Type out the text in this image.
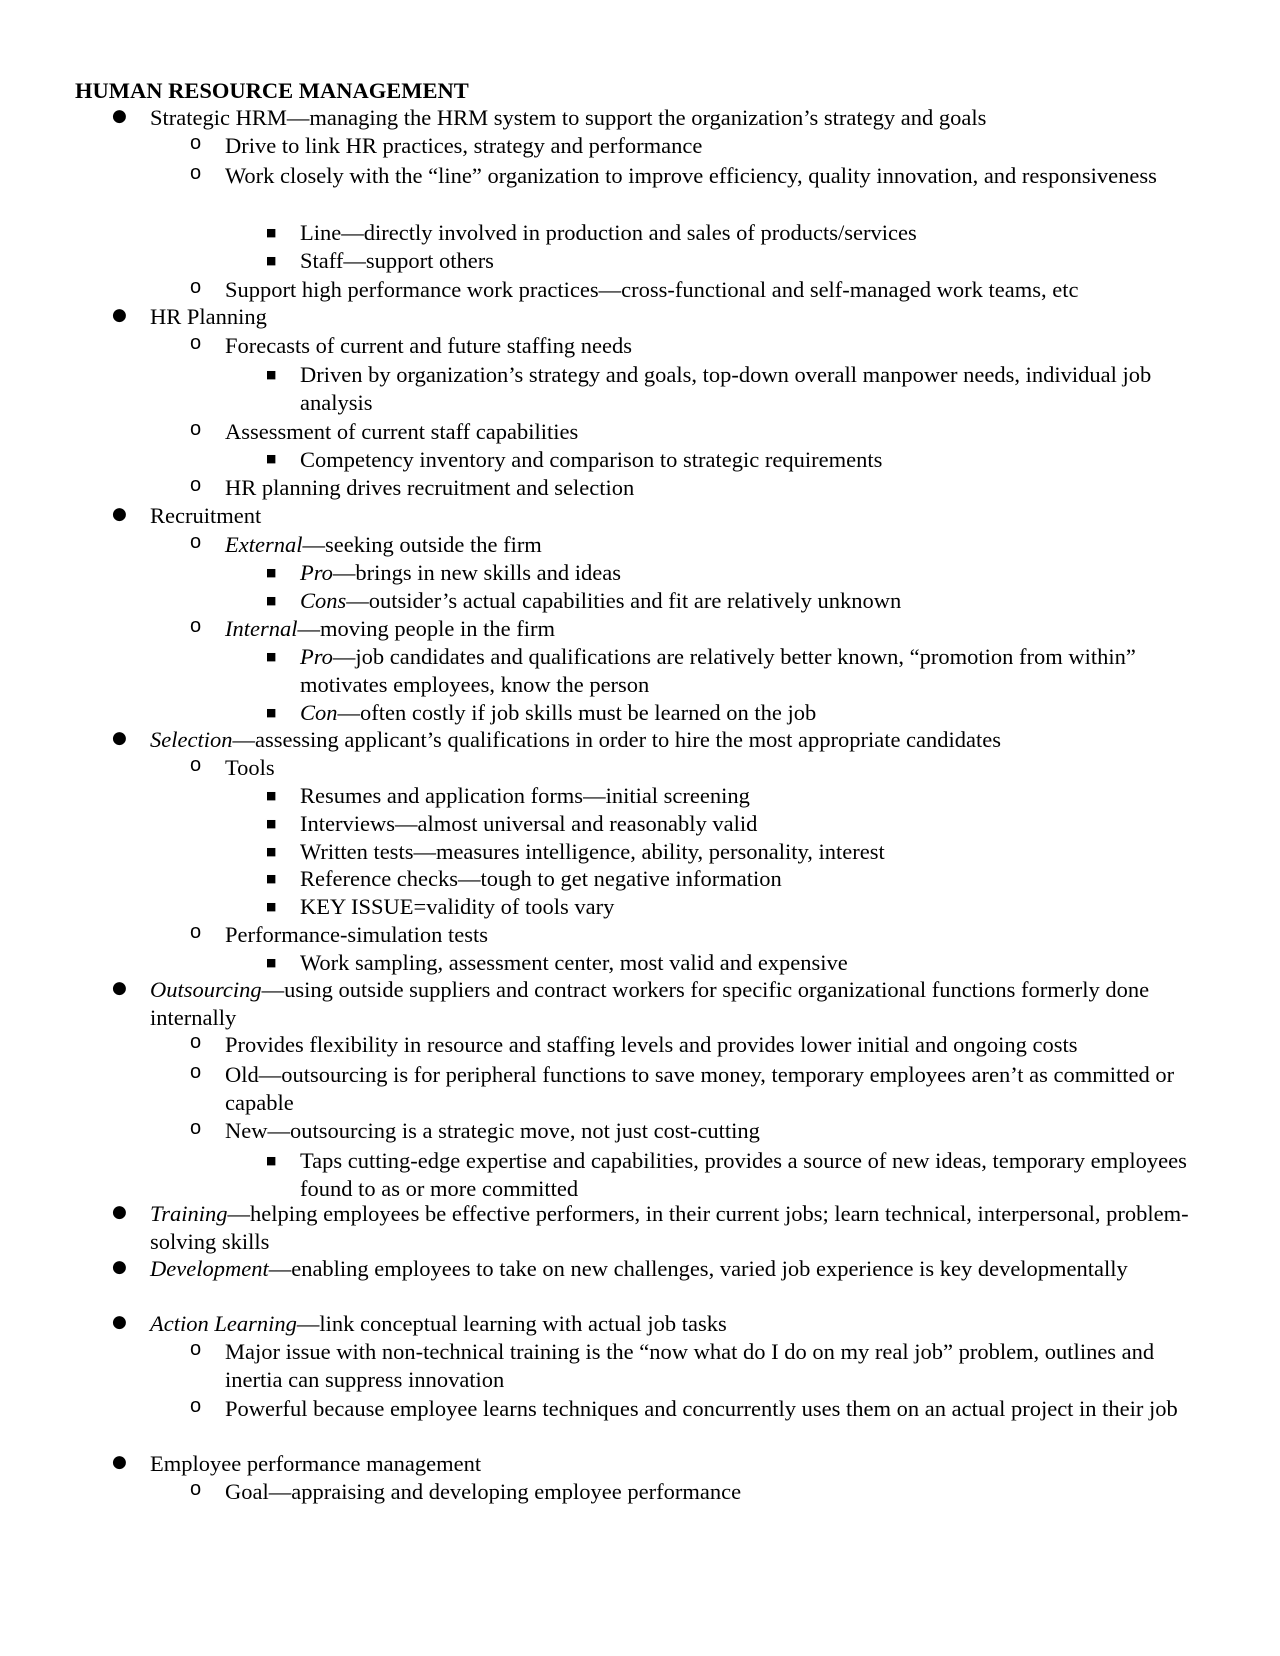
HUMAN RESOURCE MANAGEMENT
● Strategic HRM—managing the HRM system to support the organization’s strategy and goals
o Drive to link HR practices, strategy and performance
o Work closely with the “line” organization to improve efficiency, quality innovation, and responsiveness
■ Line—directly involved in production and sales of products/services
■ Staff—support others
o Support high performance work practices—cross-functional and self-managed work teams, etc
● HR Planning
o Forecasts of current and future staffing needs
■ Driven by organization’s strategy and goals, top-down overall manpower needs, individual job analysis
o Assessment of current staff capabilities
■ Competency inventory and comparison to strategic requirements
o HR planning drives recruitment and selection
● Recruitment
o External—seeking outside the firm
■ Pro—brings in new skills and ideas
■ Cons—outsider’s actual capabilities and fit are relatively unknown
o Internal—moving people in the firm
■ Pro—job candidates and qualifications are relatively better known, “promotion from within” motivates employees, know the person
■ Con—often costly if job skills must be learned on the job
● Selection—assessing applicant’s qualifications in order to hire the most appropriate candidates
o Tools
■ Resumes and application forms—initial screening
■ Interviews—almost universal and reasonably valid
■ Written tests—measures intelligence, ability, personality, interest
■ Reference checks—tough to get negative information
■ KEY ISSUE=validity of tools vary
o Performance-simulation tests
■ Work sampling, assessment center, most valid and expensive
● Outsourcing—using outside suppliers and contract workers for specific organizational functions formerly done internally
o Provides flexibility in resource and staffing levels and provides lower initial and ongoing costs
o Old—outsourcing is for peripheral functions to save money, temporary employees aren’t as committed or capable
o New—outsourcing is a strategic move, not just cost-cutting
■ Taps cutting-edge expertise and capabilities, provides a source of new ideas, temporary employees found to as or more committed
● Training—helping employees be effective performers, in their current jobs; learn technical, interpersonal, problem-solving skills
● Development—enabling employees to take on new challenges, varied job experience is key developmentally
● Action Learning—link conceptual learning with actual job tasks
o Major issue with non-technical training is the “now what do I do on my real job” problem, outlines and inertia can suppress innovation
o Powerful because employee learns techniques and concurrently uses them on an actual project in their job
● Employee performance management
o Goal—appraising and developing employee performance
